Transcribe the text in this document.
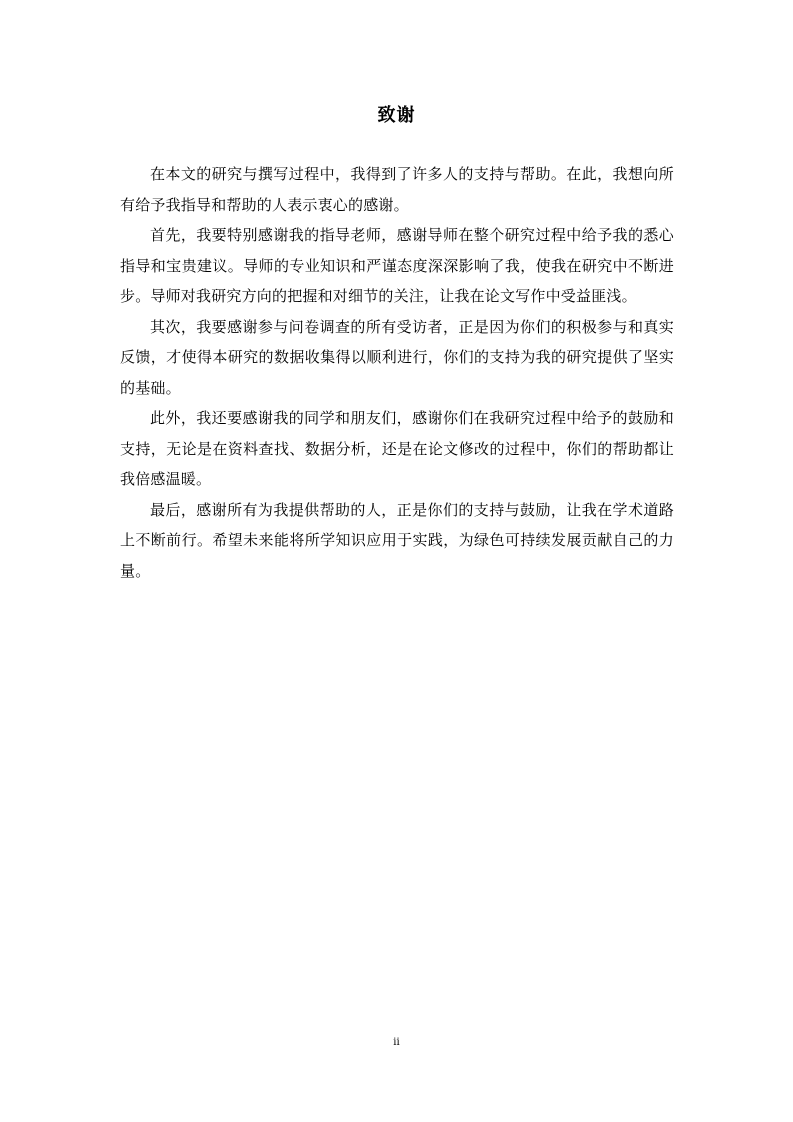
致谢

在本文的研究与撰写过程中，我得到了许多人的支持与帮助。在此，我想向所有给予我指导和帮助的人表示衷心的感谢。

首先，我要特别感谢我的指导老师，感谢导师在整个研究过程中给予我的悉心指导和宝贵建议。导师的专业知识和严谨态度深深影响了我，使我在研究中不断进步。导师对我研究方向的把握和对细节的关注，让我在论文写作中受益匪浅。

其次，我要感谢参与问卷调查的所有受访者，正是因为你们的积极参与和真实反馈，才使得本研究的数据收集得以顺利进行，你们的支持为我的研究提供了坚实的基础。

此外，我还要感谢我的同学和朋友们，感谢你们在我研究过程中给予的鼓励和支持，无论是在资料查找、数据分析，还是在论文修改的过程中，你们的帮助都让我倍感温暖。

最后，感谢所有为我提供帮助的人，正是你们的支持与鼓励，让我在学术道路上不断前行。希望未来能将所学知识应用于实践，为绿色可持续发展贡献自己的力量。

ii
